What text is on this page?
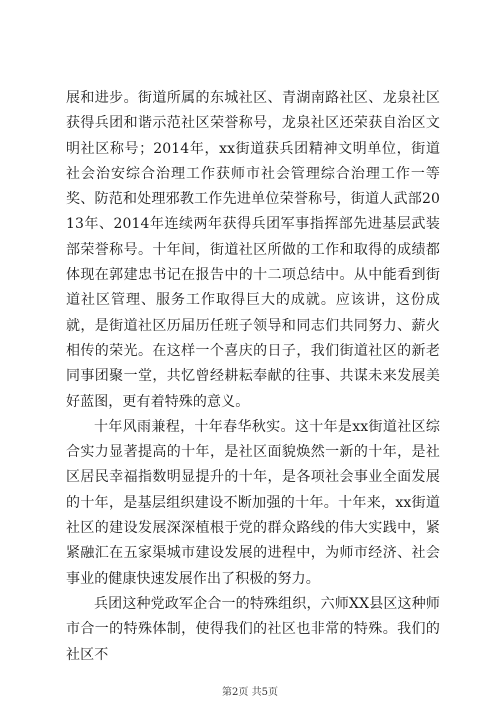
展和进步。街道所属的东城社区、青湖南路社区、龙泉社区获得兵团和谐示范社区荣誉称号，龙泉社区还荣获自治区文明社区称号；2014年，xx街道获兵团精神文明单位，街道社会治安综合治理工作获师市社会管理综合治理工作一等奖、防范和处理邪教工作先进单位荣誉称号，街道人武部2013年、2014年连续两年获得兵团军事指挥部先进基层武装部荣誉称号。十年间，街道社区所做的工作和取得的成绩都体现在郭建忠书记在报告中的十二项总结中。从中能看到街道社区管理、服务工作取得巨大的成就。应该讲，这份成就，是街道社区历届历任班子领导和同志们共同努力、薪火相传的荣光。在这样一个喜庆的日子，我们街道社区的新老同事团聚一堂，共忆曾经耕耘奉献的往事、共谋未来发展美好蓝图，更有着特殊的意义。

十年风雨兼程，十年春华秋实。这十年是xx街道社区综合实力显著提高的十年，是社区面貌焕然一新的十年，是社区居民幸福指数明显提升的十年，是各项社会事业全面发展的十年，是基层组织建设不断加强的十年。十年来，xx街道社区的建设发展深深植根于党的群众路线的伟大实践中，紧紧融汇在五家渠城市建设发展的进程中，为师市经济、社会事业的健康快速发展作出了积极的努力。

兵团这种党政军企合一的特殊组织，六师XX县区这种师市合一的特殊体制，使得我们的社区也非常的特殊。我们的社区不

第2页 共5页
